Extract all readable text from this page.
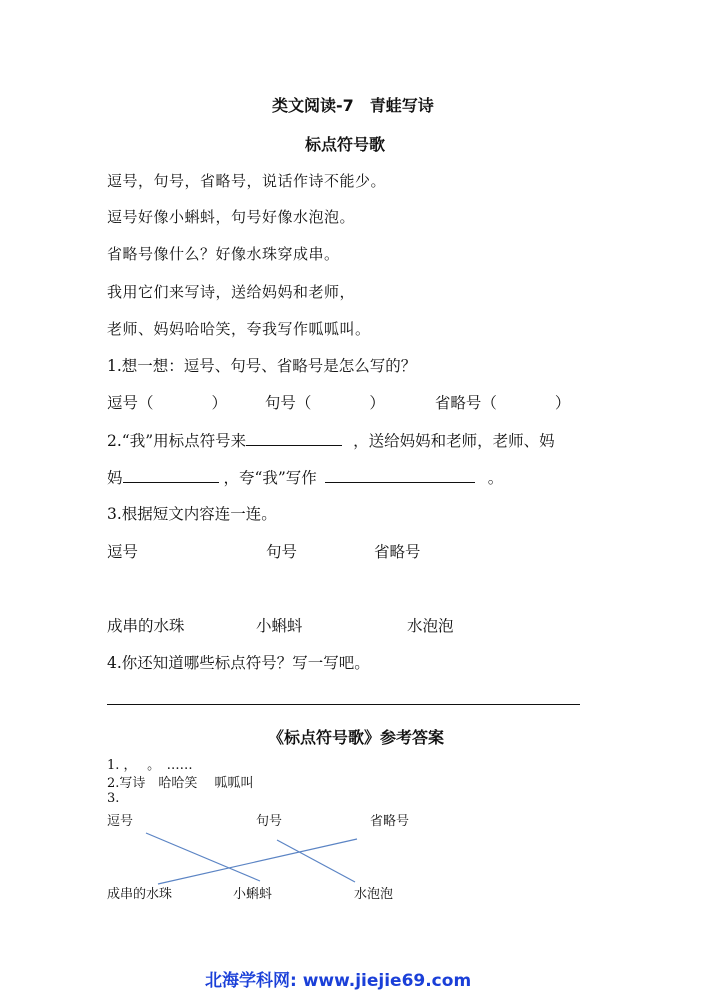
类文阅读-7　青蛙写诗
标点符号歌
逗号，句号，省略号，说话作诗不能少。
逗号好像小蝌蚪，句号好像水泡泡。
省略号像什么？好像水珠穿成串。
我用它们来写诗，送给妈妈和老师，
老师、妈妈哈哈笑，夸我写作呱呱叫。
1.想一想：逗号、句号、省略号是怎么写的？
逗号（	） 句号（	）	省略号（	）
2.“我”用标点符号来	，送给妈妈和老师，老师、妈
妈	，夸“我”写作	。
3.根据短文内容连一连。
逗号	句号	省略号
成串的水珠	小蝌蚪	水泡泡
4.你还知道哪些标点符号？写一写吧。
《标点符号歌》参考答案
1. ，　 。　……
2.写诗　哈哈笑　 呱呱叫
3.
逗号	句号	省略号
成串的水珠	小蝌蚪	水泡泡
北海学科网: www.jiejie69.com
